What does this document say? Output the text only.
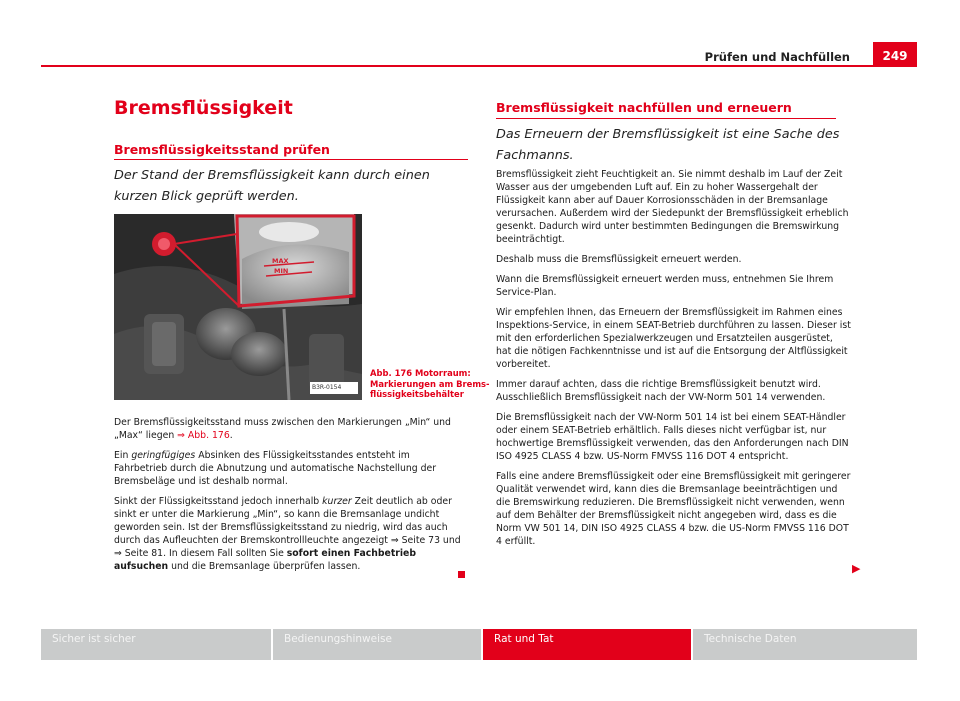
Prüfen und Nachfüllen	249
Bremsflüssigkeit
Bremsflüssigkeitsstand prüfen

Der Stand der Bremsflüssigkeit kann durch einen kurzen Blick geprüft werden.

MAX
MIN
B3R-0154
Abb. 176 Motorraum:
Markierungen am Brems-
flüssigkeitsbehälter

Der Bremsflüssigkeitsstand muss zwischen den Markierungen „Min“ und „Max“ liegen ⇒ Abb. 176.

Ein geringfügiges Absinken des Flüssigkeitsstandes entsteht im Fahrbetrieb durch die Abnutzung und automatische Nachstellung der Bremsbeläge und ist deshalb normal.

Sinkt der Flüssigkeitsstand jedoch innerhalb kurzer Zeit deutlich ab oder sinkt er unter die Markierung „Min“, so kann die Bremsanlage undicht geworden sein. Ist der Bremsflüssigkeitsstand zu niedrig, wird das auch durch das Aufleuchten der Bremskontrollleuchte angezeigt ⇒ Seite 73 und ⇒ Seite 81. In diesem Fall sollten Sie sofort einen Fachbetrieb aufsuchen und die Bremsanlage überprüfen lassen.

Bremsflüssigkeit nachfüllen und erneuern

Das Erneuern der Bremsflüssigkeit ist eine Sache des Fachmanns.

Bremsflüssigkeit zieht Feuchtigkeit an. Sie nimmt deshalb im Lauf der Zeit Wasser aus der umgebenden Luft auf. Ein zu hoher Wassergehalt der Flüssigkeit kann aber auf Dauer Korrosionsschäden in der Bremsanlage verursachen. Außerdem wird der Siedepunkt der Bremsflüssigkeit erheblich gesenkt. Dadurch wird unter bestimmten Bedingungen die Bremswirkung beeinträchtigt.

Deshalb muss die Bremsflüssigkeit erneuert werden.

Wann die Bremsflüssigkeit erneuert werden muss, entnehmen Sie Ihrem Service-Plan.

Wir empfehlen Ihnen, das Erneuern der Bremsflüssigkeit im Rahmen eines Inspektions-Service, in einem SEAT-Betrieb durchführen zu lassen. Dieser ist mit den erforderlichen Spezialwerkzeugen und Ersatzteilen ausgerüstet, hat die nötigen Fachkenntnisse und ist auf die Entsorgung der Altflüssigkeit vorbereitet.

Immer darauf achten, dass die richtige Bremsflüssigkeit benutzt wird. Ausschließlich Bremsflüssigkeit nach der VW-Norm 501 14 verwenden.

Die Bremsflüssigkeit nach der VW-Norm 501 14 ist bei einem SEAT-Händler oder einem SEAT-Betrieb erhältlich. Falls dieses nicht verfügbar ist, nur hochwertige Bremsflüssigkeit verwenden, das den Anforderungen nach DIN ISO 4925 CLASS 4 bzw. US-Norm FMVSS 116 DOT 4 entspricht.

Falls eine andere Bremsflüssigkeit oder eine Bremsflüssigkeit mit geringerer Qualität verwendet wird, kann dies die Bremsanlage beeinträchtigen und die Bremswirkung reduzieren. Die Bremsflüssigkeit nicht verwenden, wenn auf dem Behälter der Bremsflüssigkeit nicht angegeben wird, dass es die Norm VW 501 14, DIN ISO 4925 CLASS 4 bzw. die US-Norm FMVSS 116 DOT 4 erfüllt.

▶
Sicher ist sicher	Bedienungshinweise	Rat und Tat	Technische Daten
